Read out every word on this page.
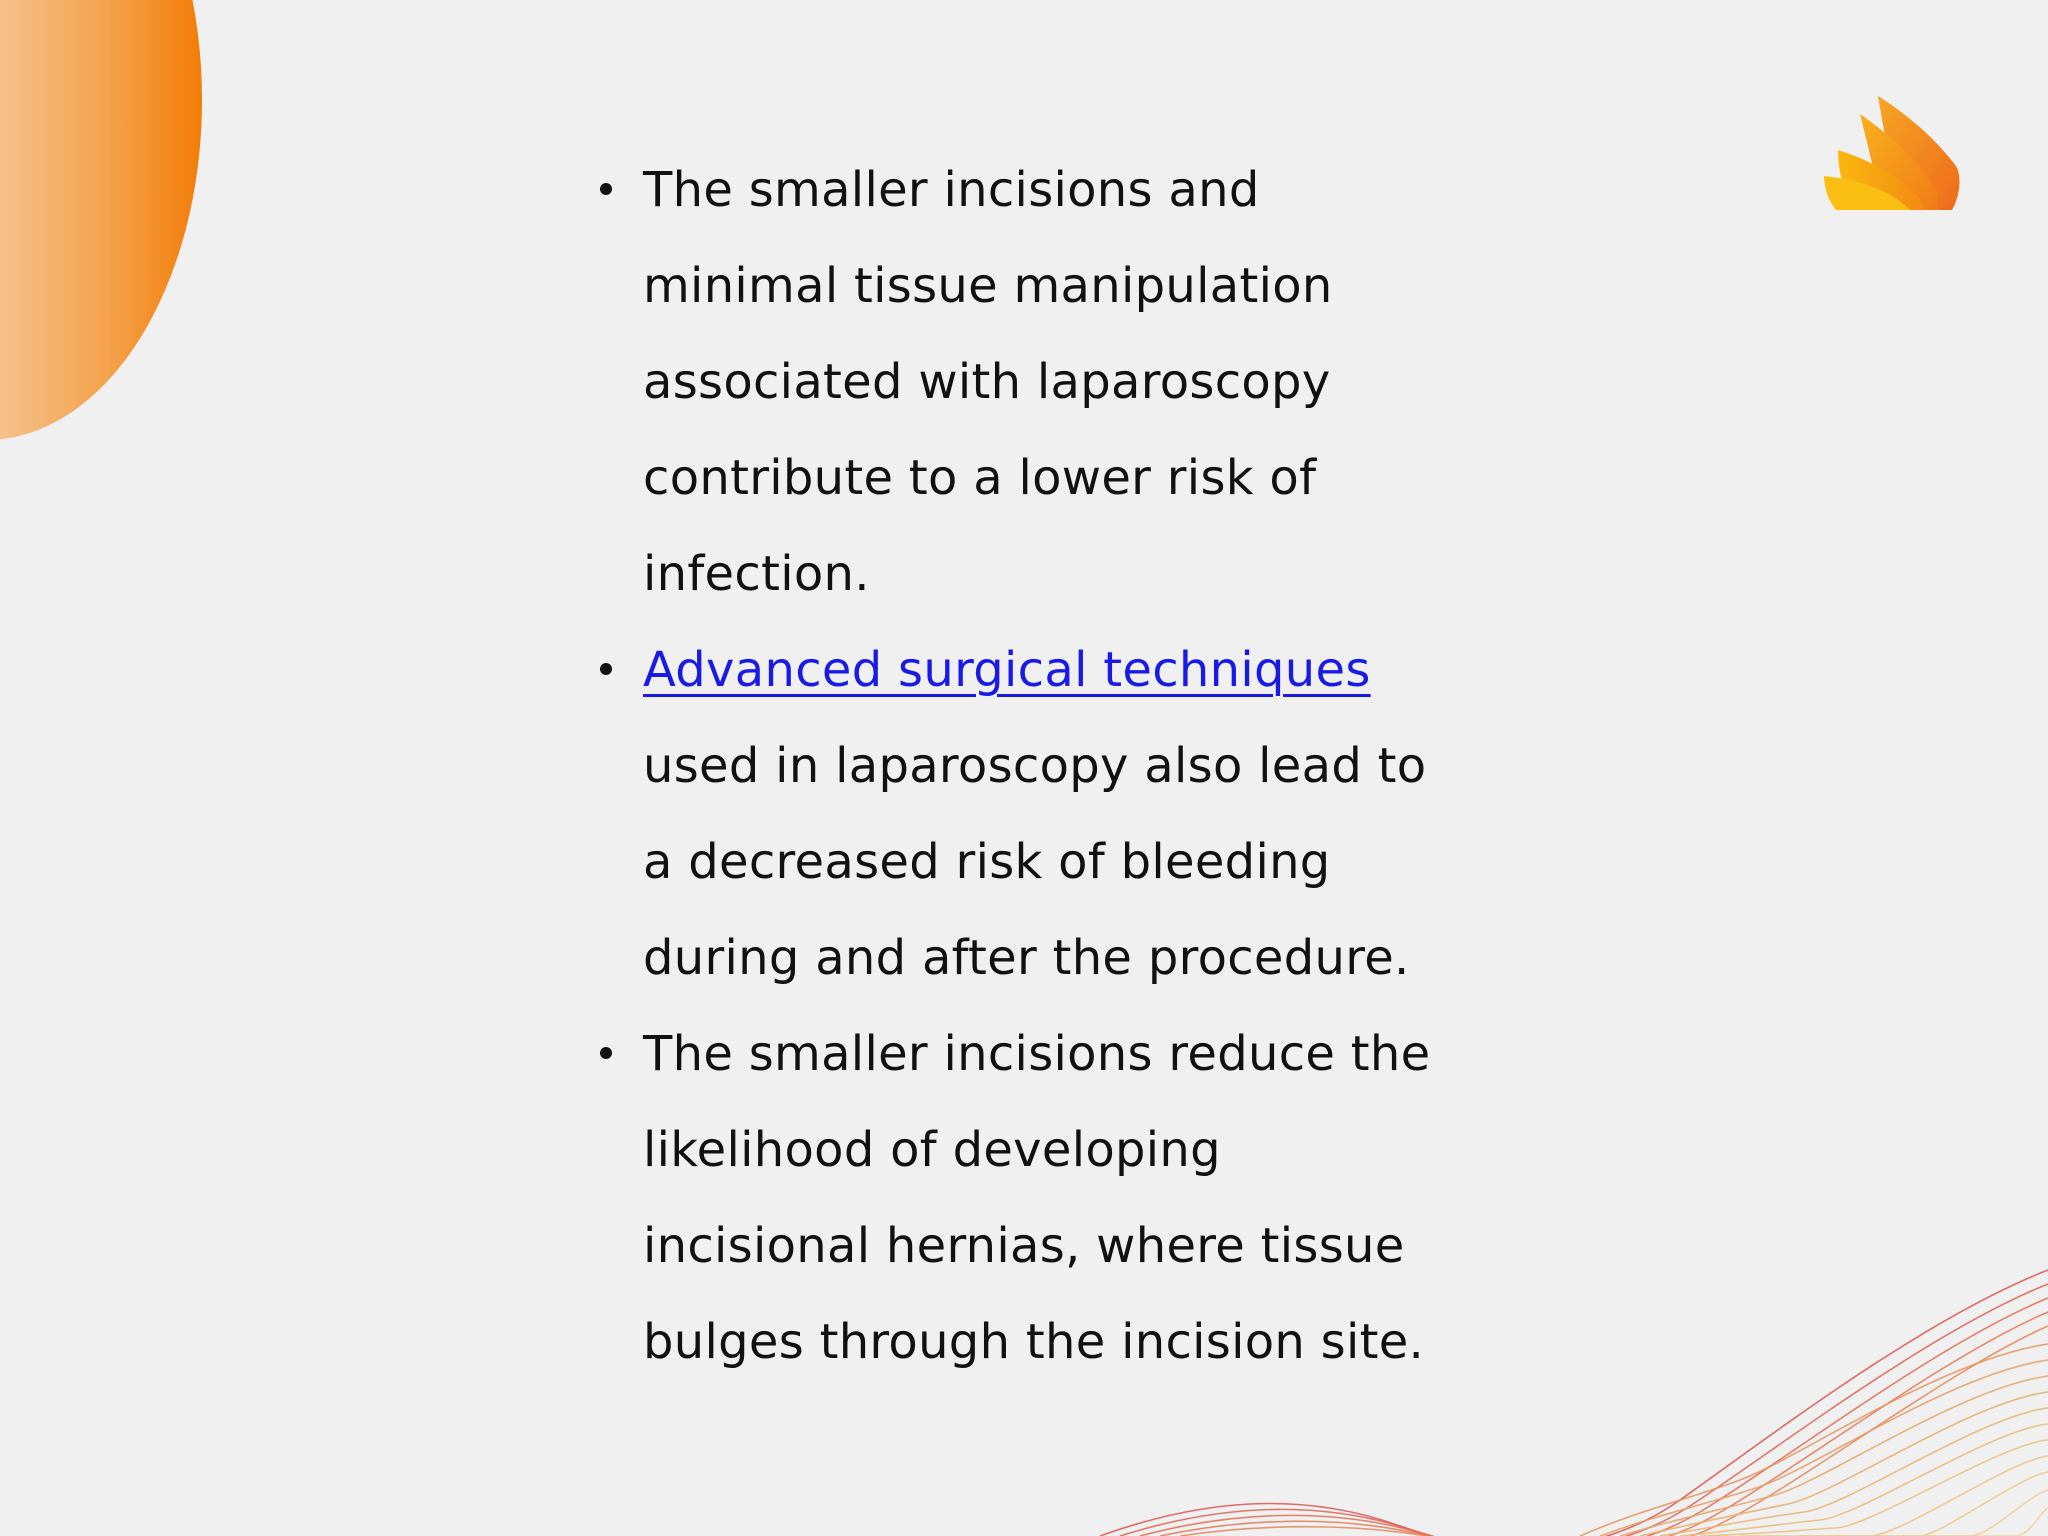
The smaller incisions and
minimal tissue manipulation
associated with laparoscopy
contribute to a lower risk of
infection.
Advanced surgical techniques
used in laparoscopy also lead to
a decreased risk of bleeding
during and after the procedure.
The smaller incisions reduce the
likelihood of developing
incisional hernias, where tissue
bulges through the incision site.
